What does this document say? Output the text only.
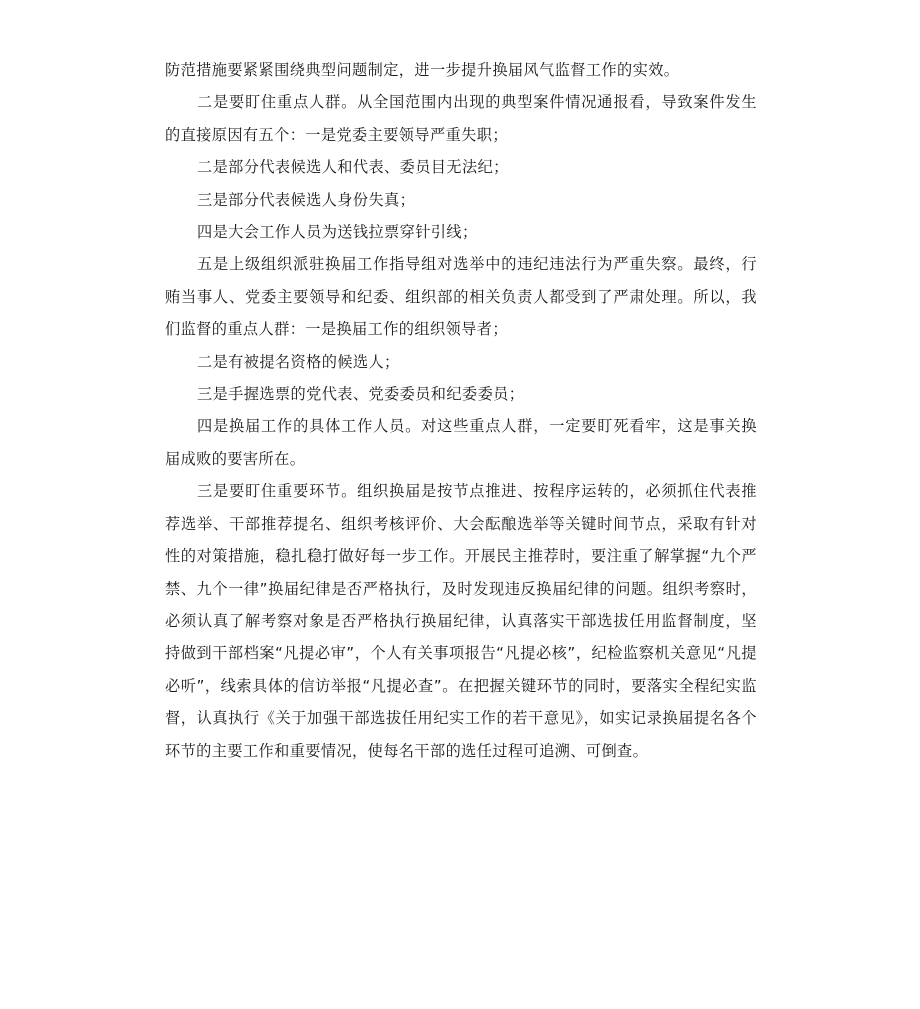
防范措施要紧紧围绕典型问题制定，进一步提升换届风气监督工作的实效。

二是要盯住重点人群。从全国范围内出现的典型案件情况通报看，导致案件发生的直接原因有五个：一是党委主要领导严重失职；

二是部分代表候选人和代表、委员目无法纪；

三是部分代表候选人身份失真；

四是大会工作人员为送钱拉票穿针引线；

五是上级组织派驻换届工作指导组对选举中的违纪违法行为严重失察。最终，行贿当事人、党委主要领导和纪委、组织部的相关负责人都受到了严肃处理。所以，我们监督的重点人群：一是换届工作的组织领导者；

二是有被提名资格的候选人；

三是手握选票的党代表、党委委员和纪委委员；

四是换届工作的具体工作人员。对这些重点人群，一定要盯死看牢，这是事关换届成败的要害所在。

三是要盯住重要环节。组织换届是按节点推进、按程序运转的，必须抓住代表推荐选举、干部推荐提名、组织考核评价、大会酝酿选举等关键时间节点，采取有针对性的对策措施，稳扎稳打做好每一步工作。开展民主推荐时，要注重了解掌握“九个严禁、九个一律”换届纪律是否严格执行，及时发现违反换届纪律的问题。组织考察时，必须认真了解考察对象是否严格执行换届纪律，认真落实干部选拔任用监督制度，坚持做到干部档案“凡提必审”，个人有关事项报告“凡提必核”，纪检监察机关意见“凡提必听”，线索具体的信访举报“凡提必查”。在把握关键环节的同时，要落实全程纪实监督，认真执行《关于加强干部选拔任用纪实工作的若干意见》，如实记录换届提名各个环节的主要工作和重要情况，使每名干部的选任过程可追溯、可倒查。
